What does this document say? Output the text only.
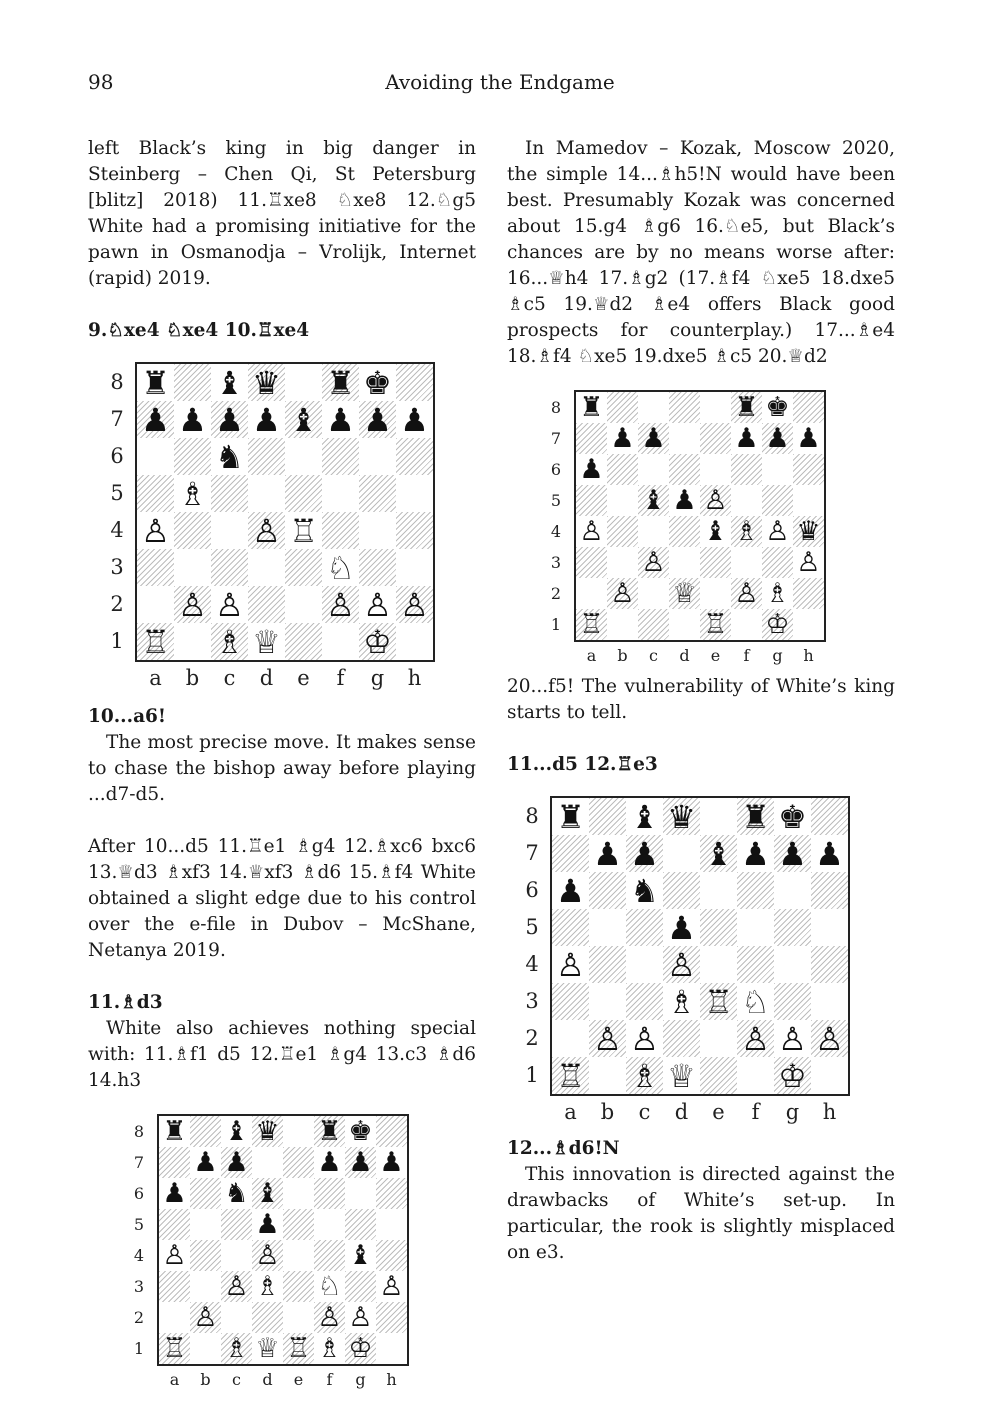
98	Avoiding the Endgame

left Black’s king in big danger in Steinberg – Chen Qi, St Petersburg [blitz] 2018) 11.♖xe8 ♘xe8 12.♘g5 White had a promising initiative for the pawn in Osmanodja – Vrolijk, Internet (rapid) 2019.

9.♘xe4 ♘xe4 10.♖xe4
♜ ♝ ♛ ♜ ♚
♟ ♟ ♟ ♟ ♝ ♟ ♟ ♟
♞
♗
♙	♙ ♖
♘
♙ ♙	♙ ♙ ♙
♖ ♗ ♕	♔
8
7
6
5
4
3
2
1
a	b	c	d	e	f	g	h
10...a6!

The most precise move. It makes sense to chase the bishop away before playing ...d7-d5.

After 10...d5 11.♖e1 ♗g4 12.♗xc6 bxc6 13.♕d3 ♗xf3 14.♕xf3 ♗d6 15.♗f4 White obtained a slight edge due to his control over the e-file in Dubov – McShane, Netanya 2019.

11.♗d3

White also achieves nothing special with: 11.♗f1 d5 12.♖e1 ♗g4 13.c3 ♗d6 14.h3

♜ ♝ ♛ ♜ ♚
♟ ♟	♟ ♟ ♟
♟ ♞ ♝
♟
♙	♙	♝
♙ ♗ ♘ ♙
♙	♙ ♙
♖ ♗ ♕ ♖ ♗ ♔
8
7
6
5
4
3
2
1
a	b	c	d	e	f	g	h

In Mamedov – Kozak, Moscow 2020, the simple 14...♗h5!N would have been best. Presumably Kozak was concerned about 15.g4 ♗g6 16.♘e5, but Black’s chances are by no means worse after: 16...♕h4 17.♗g2 (17.♗f4 ♘xe5 18.dxe5 ♗c5 19.♕d2 ♗e4 offers Black good prospects for counterplay.) 17...♗e4 18.♗f4 ♘xe5 19.dxe5 ♗c5 20.♕d2

♜	♜ ♚
♟ ♟	♟ ♟ ♟
♟
♝ ♟ ♙
♙	♝ ♗ ♙ ♛
♙	♙
♙ ♕ ♙ ♗
♖	♖ ♔
8
7
6
5
4
3
2
1
a	b	c	d	e	f	g	h

20...f5! The vulnerability of White’s king starts to tell.

11...d5 12.♖e3
♜ ♝ ♛ ♜ ♚
♟ ♟ ♝ ♟ ♟ ♟
♟ ♞
♟
♙	♙
♗ ♖ ♘
♙ ♙	♙ ♙ ♙
♖ ♗ ♕	♔
8
7
6
5
4
3
2
1
a	b	c	d	e	f	g	h
12...♗d6!N

This innovation is directed against the drawbacks of White’s set-up. In particular, the rook is slightly misplaced on e3.
